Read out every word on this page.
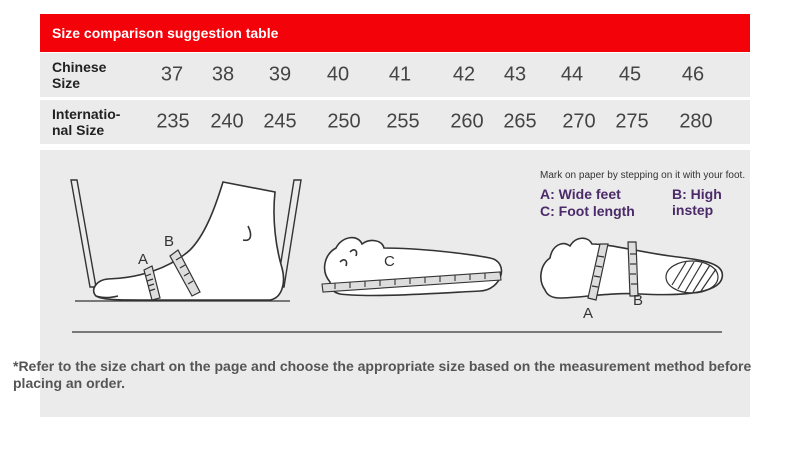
Size comparison suggestion table
Chinese
Size	37 38 39 40 41 42 43 44 45 46
Internatio-
nal Size	235 240 245 250 255 260 265 270 275 280
A
B
C
A
B
Mark on paper by stepping on it with your foot.
A: Wide feet	B: High instep
C: Foot length
*Refer to the size chart on the page and choose the appropriate size based on the measurement method before placing an order.
